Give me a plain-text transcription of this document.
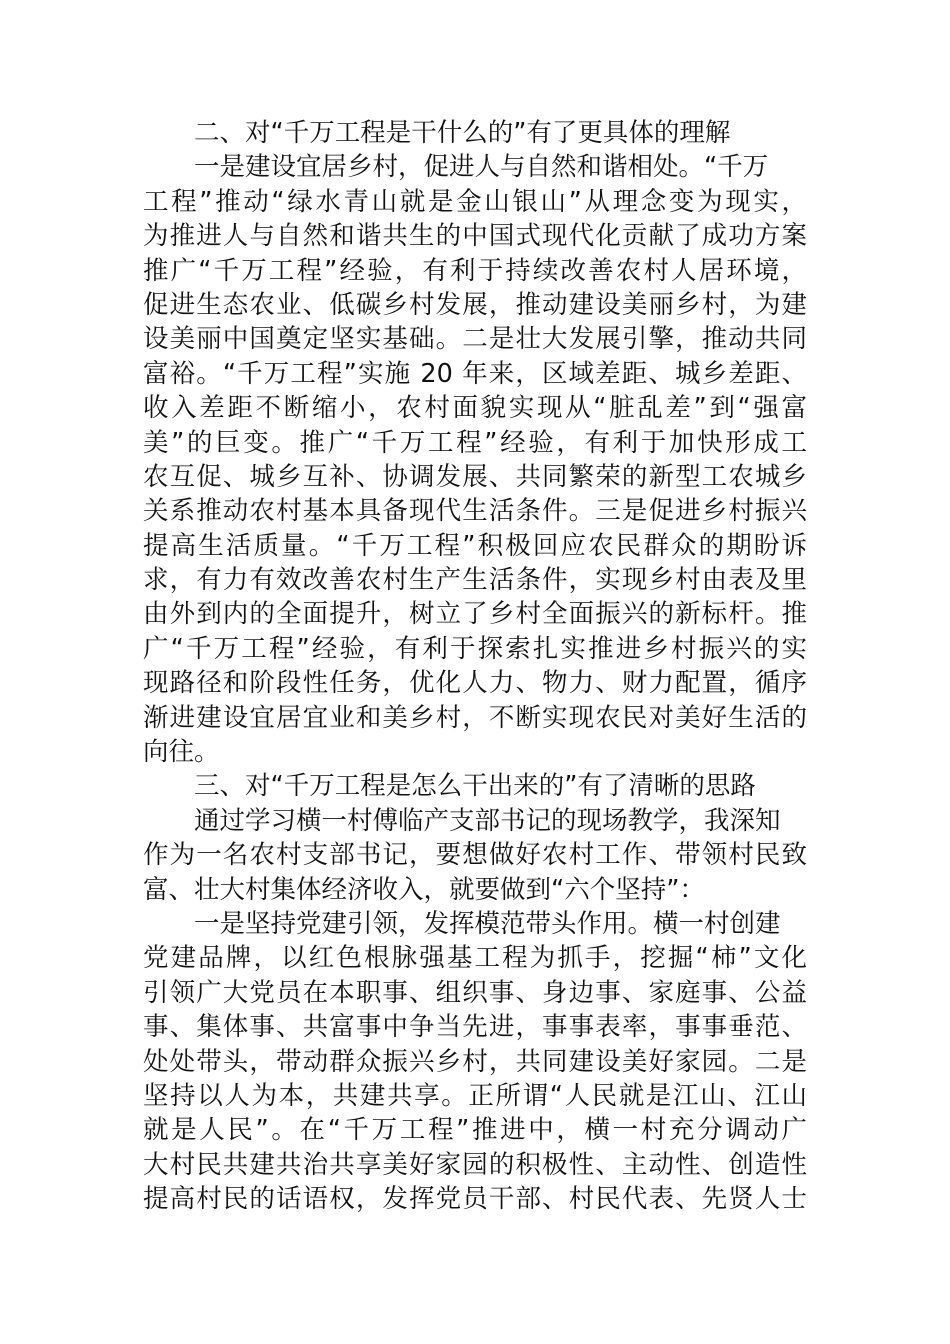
二、对“千万工程是干什么的”有了更具体的理解
一是建设宜居乡村，促进人与自然和谐相处。“千万
工程”推动“绿水青山就是金山银山”从理念变为现实，
为推进人与自然和谐共生的中国式现代化贡献了成功方案
推广“千万工程”经验，有利于持续改善农村人居环境，
促进生态农业、低碳乡村发展，推动建设美丽乡村，为建
设美丽中国奠定坚实基础。二是壮大发展引擎，推动共同
富裕。“千万工程”实施 20 年来，区域差距、城乡差距、
收入差距不断缩小，农村面貌实现从“脏乱差”到“强富
美”的巨变。推广“千万工程”经验，有利于加快形成工
农互促、城乡互补、协调发展、共同繁荣的新型工农城乡
关系推动农村基本具备现代生活条件。三是促进乡村振兴
提高生活质量。“千万工程”积极回应农民群众的期盼诉
求，有力有效改善农村生产生活条件，实现乡村由表及里
由外到内的全面提升，树立了乡村全面振兴的新标杆。推
广“千万工程”经验，有利于探索扎实推进乡村振兴的实
现路径和阶段性任务，优化人力、物力、财力配置，循序
渐进建设宜居宜业和美乡村，不断实现农民对美好生活的
向往。
三、对“千万工程是怎么干出来的”有了清晰的思路
通过学习横一村傅临产支部书记的现场教学，我深知
作为一名农村支部书记，要想做好农村工作、带领村民致
富、壮大村集体经济收入，就要做到“六个坚持”：
一是坚持党建引领，发挥模范带头作用。横一村创建
党建品牌，以红色根脉强基工程为抓手，挖掘“柿”文化
引领广大党员在本职事、组织事、身边事、家庭事、公益
事、集体事、共富事中争当先进，事事表率，事事垂范、
处处带头，带动群众振兴乡村，共同建设美好家园。二是
坚持以人为本，共建共享。正所谓“人民就是江山、江山
就是人民”。在“千万工程”推进中，横一村充分调动广
大村民共建共治共享美好家园的积极性、主动性、创造性
提高村民的话语权，发挥党员干部、村民代表、先贤人士
